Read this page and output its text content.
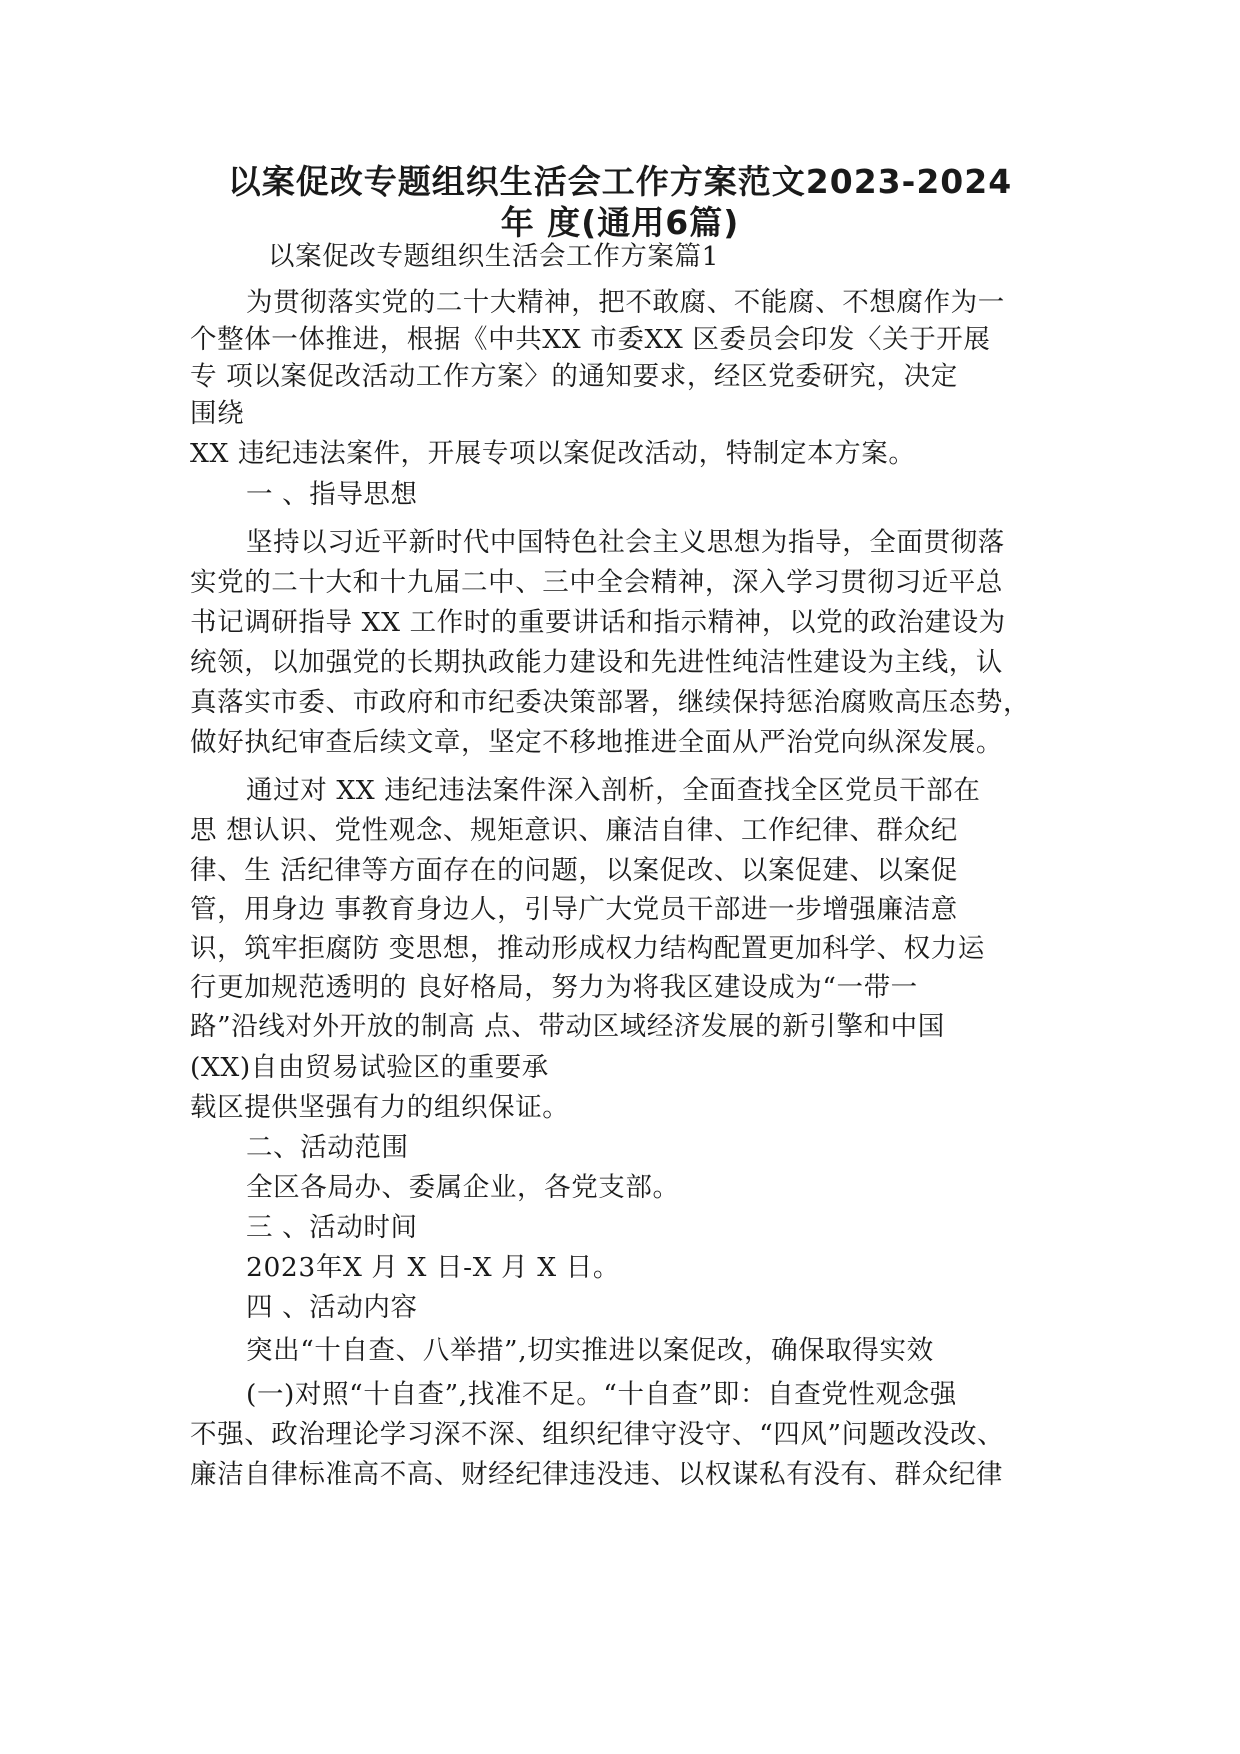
以案促改专题组织生活会工作方案范文2023-2024
年 度(通用6篇)

以案促改专题组织生活会工作方案篇1

为贯彻落实党的二十大精神，把不敢腐、不能腐、不想腐作为一

个整体一体推进，根据《中共XX 市委XX 区委员会印发〈关于开展

专 项以案促改活动工作方案〉的通知要求，经区党委研究，决定

围绕

XX 违纪违法案件，开展专项以案促改活动，特制定本方案。

一 、指导思想

坚持以习近平新时代中国特色社会主义思想为指导，全面贯彻落

实党的二十大和十九届二中、三中全会精神，深入学习贯彻习近平总

书记调研指导 XX 工作时的重要讲话和指示精神，以党的政治建设为

统领，以加强党的长期执政能力建设和先进性纯洁性建设为主线，认

真落实市委、市政府和市纪委决策部署，继续保持惩治腐败高压态势，

做好执纪审查后续文章，坚定不移地推进全面从严治党向纵深发展。

通过对 XX 违纪违法案件深入剖析，全面查找全区党员干部在

思 想认识、党性观念、规矩意识、廉洁自律、工作纪律、群众纪

律、生 活纪律等方面存在的问题，以案促改、以案促建、以案促

管，用身边 事教育身边人，引导广大党员干部进一步增强廉洁意

识，筑牢拒腐防 变思想，推动形成权力结构配置更加科学、权力运

行更加规范透明的 良好格局，努力为将我区建设成为“一带一

路”沿线对外开放的制高 点、带动区域经济发展的新引擎和中国

(XX)自由贸易试验区的重要承

载区提供坚强有力的组织保证。

二、活动范围

全区各局办、委属企业，各党支部。

三 、活动时间

2023年X 月 X 日-X 月 X 日。

四 、活动内容

突出“十自查、八举措”,切实推进以案促改，确保取得实效

(一)对照“十自查”,找准不足。“十自查”即：自查党性观念强

不强、政治理论学习深不深、组织纪律守没守、“四风”问题改没改、

廉洁自律标准高不高、财经纪律违没违、以权谋私有没有、群众纪律
